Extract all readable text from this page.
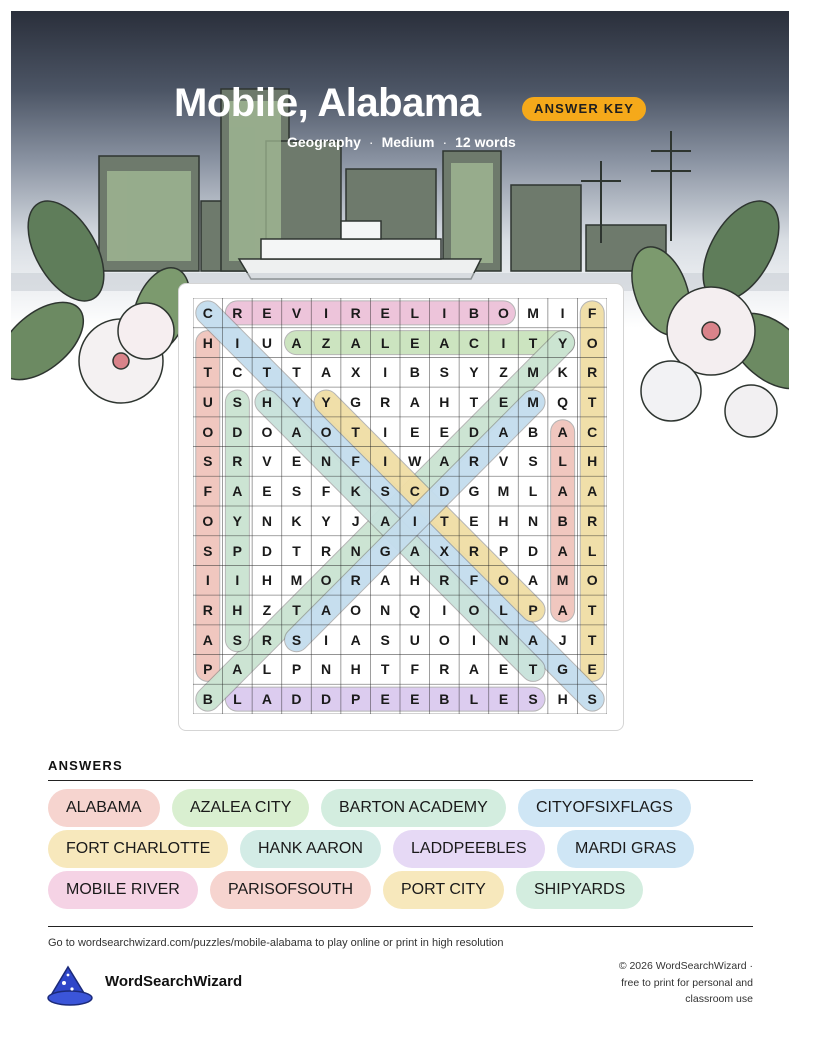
Mobile, Alabama	ANSWER KEY
Geography · Medium · 12 words
C	R	E	V	I	R	E	L	I	B	O	M	I	F
H	I	U	A	Z	A	L	E	A	C	I	T	Y	O
T	C	T	T	A	X	I	B	S	Y	Z	M	K	R
U	S	H	Y	Y	G	R	A	H	T	E	M	Q	T
O	D	O	A	O	T	I	E	E	D	A	B	A	C
S	R	V	E	N	F	I	W	A	R	V	S	L	H
F	A	E	S	F	K	S	C	D	G	M	L	A	A
O	Y	N	K	Y	J	A	I	T	E	H	N	B	R
S	P	D	T	R	N	G	A	X	R	P	D	A	L
I	I	H	M	O	R	A	H	R	F	O	A	M	O
R	H	Z	T	A	O	N	Q	I	O	L	P	A	T
A	S	R	S	I	A	S	U	O	I	N	A	J	T
P	A	L	P	N	H	T	F	R	A	E	T	G	E
B	L	A	D	D	P	E	E	B	L	E	S	H	S
ANSWERS
ALABAMA	AZALEA CITY	BARTON ACADEMY	CITYOFSIXFLAGS
FORT CHARLOTTE	HANK AARON	LADDPEEBLES	MARDI GRAS
MOBILE RIVER	PARISOFSOUTH	PORT CITY	SHIPYARDS
Go to wordsearchwizard.com/puzzles/mobile-alabama to play online or print in high resolution
WordSearchWizard
© 2026 WordSearchWizard ·
free to print for personal and
classroom use
